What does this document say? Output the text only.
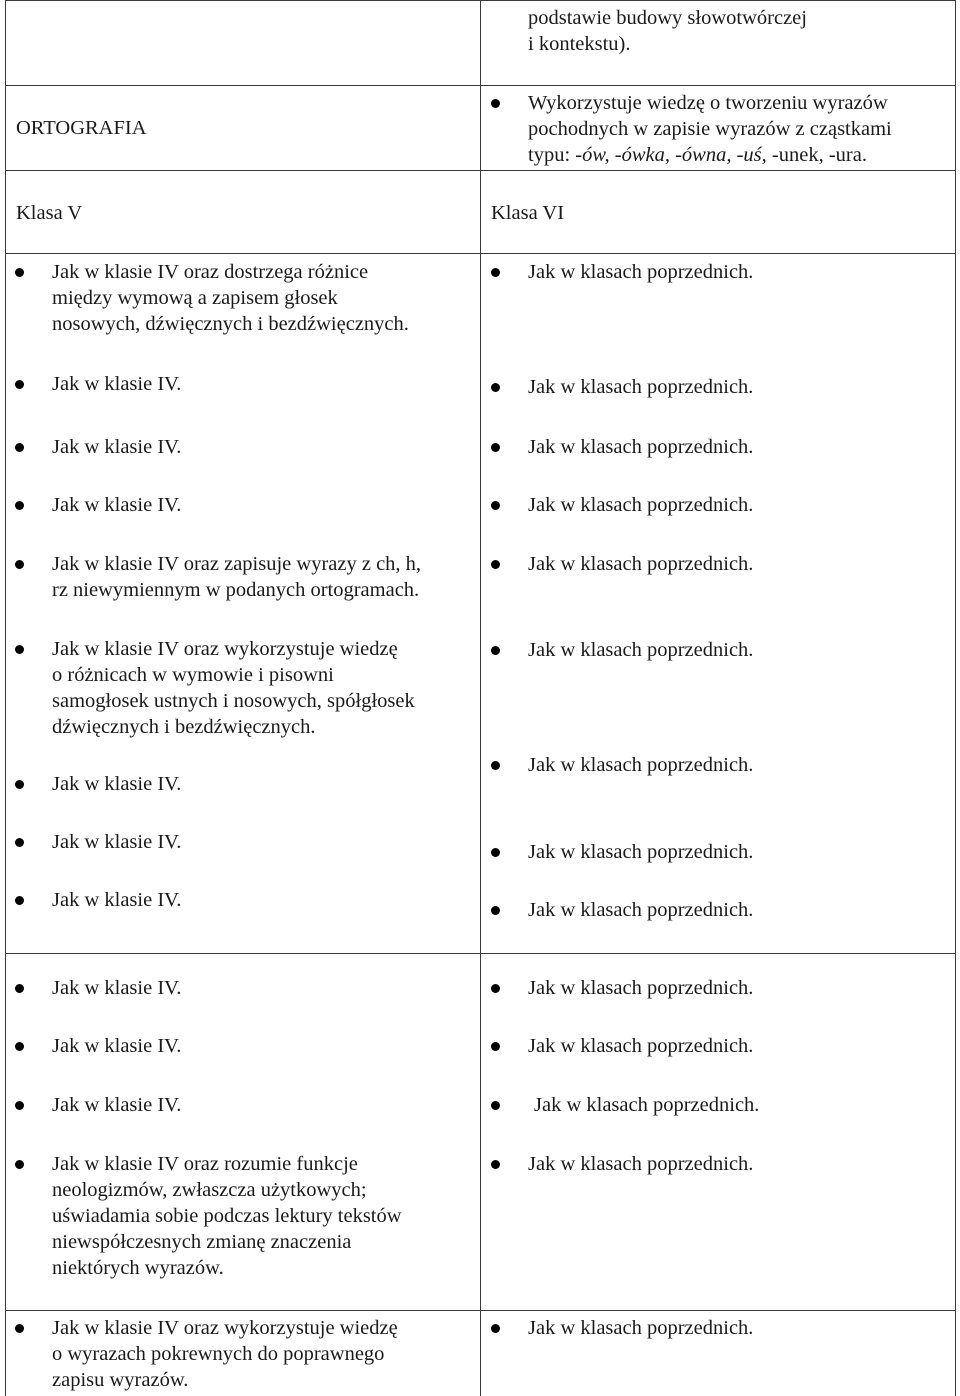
podstawie budowy słowotwórczej
i kontekstu).
ORTOGRAFIA
Wykorzystuje wiedzę o tworzeniu wyrazów
pochodnych w zapisie wyrazów z cząstkami
typu: -ów, -ówka, -ówna, -uś, -unek, -ura.
Klasa V	Klasa VI
Jak w klasie IV oraz dostrzega różnice
między wymową a zapisem głosek
nosowych, dźwięcznych i bezdźwięcznych.
Jak w klasie IV.
Jak w klasie IV.
Jak w klasie IV.
Jak w klasie IV oraz zapisuje wyrazy z ch, h,
rz niewymiennym w podanych ortogramach.
Jak w klasie IV oraz wykorzystuje wiedzę
o różnicach w wymowie i pisowni
samogłosek ustnych i nosowych, spółgłosek
dźwięcznych i bezdźwięcznych.
Jak w klasie IV.
Jak w klasie IV.
Jak w klasie IV.
Jak w klasie IV.
Jak w klasie IV.
Jak w klasie IV.
Jak w klasie IV oraz rozumie funkcje
neologizmów, zwłaszcza użytkowych;
uświadamia sobie podczas lektury tekstów
niewspółczesnych zmianę znaczenia
niektórych wyrazów.
Jak w klasie IV oraz wykorzystuje wiedzę
o wyrazach pokrewnych do poprawnego
zapisu wyrazów.
Jak w klasach poprzednich.
Jak w klasach poprzednich.
Jak w klasach poprzednich.
Jak w klasach poprzednich.
Jak w klasach poprzednich.
Jak w klasach poprzednich.
Jak w klasach poprzednich.
Jak w klasach poprzednich.
Jak w klasach poprzednich.
Jak w klasach poprzednich.
Jak w klasach poprzednich.
Jak w klasach poprzednich.
Jak w klasach poprzednich.
Jak w klasach poprzednich.
